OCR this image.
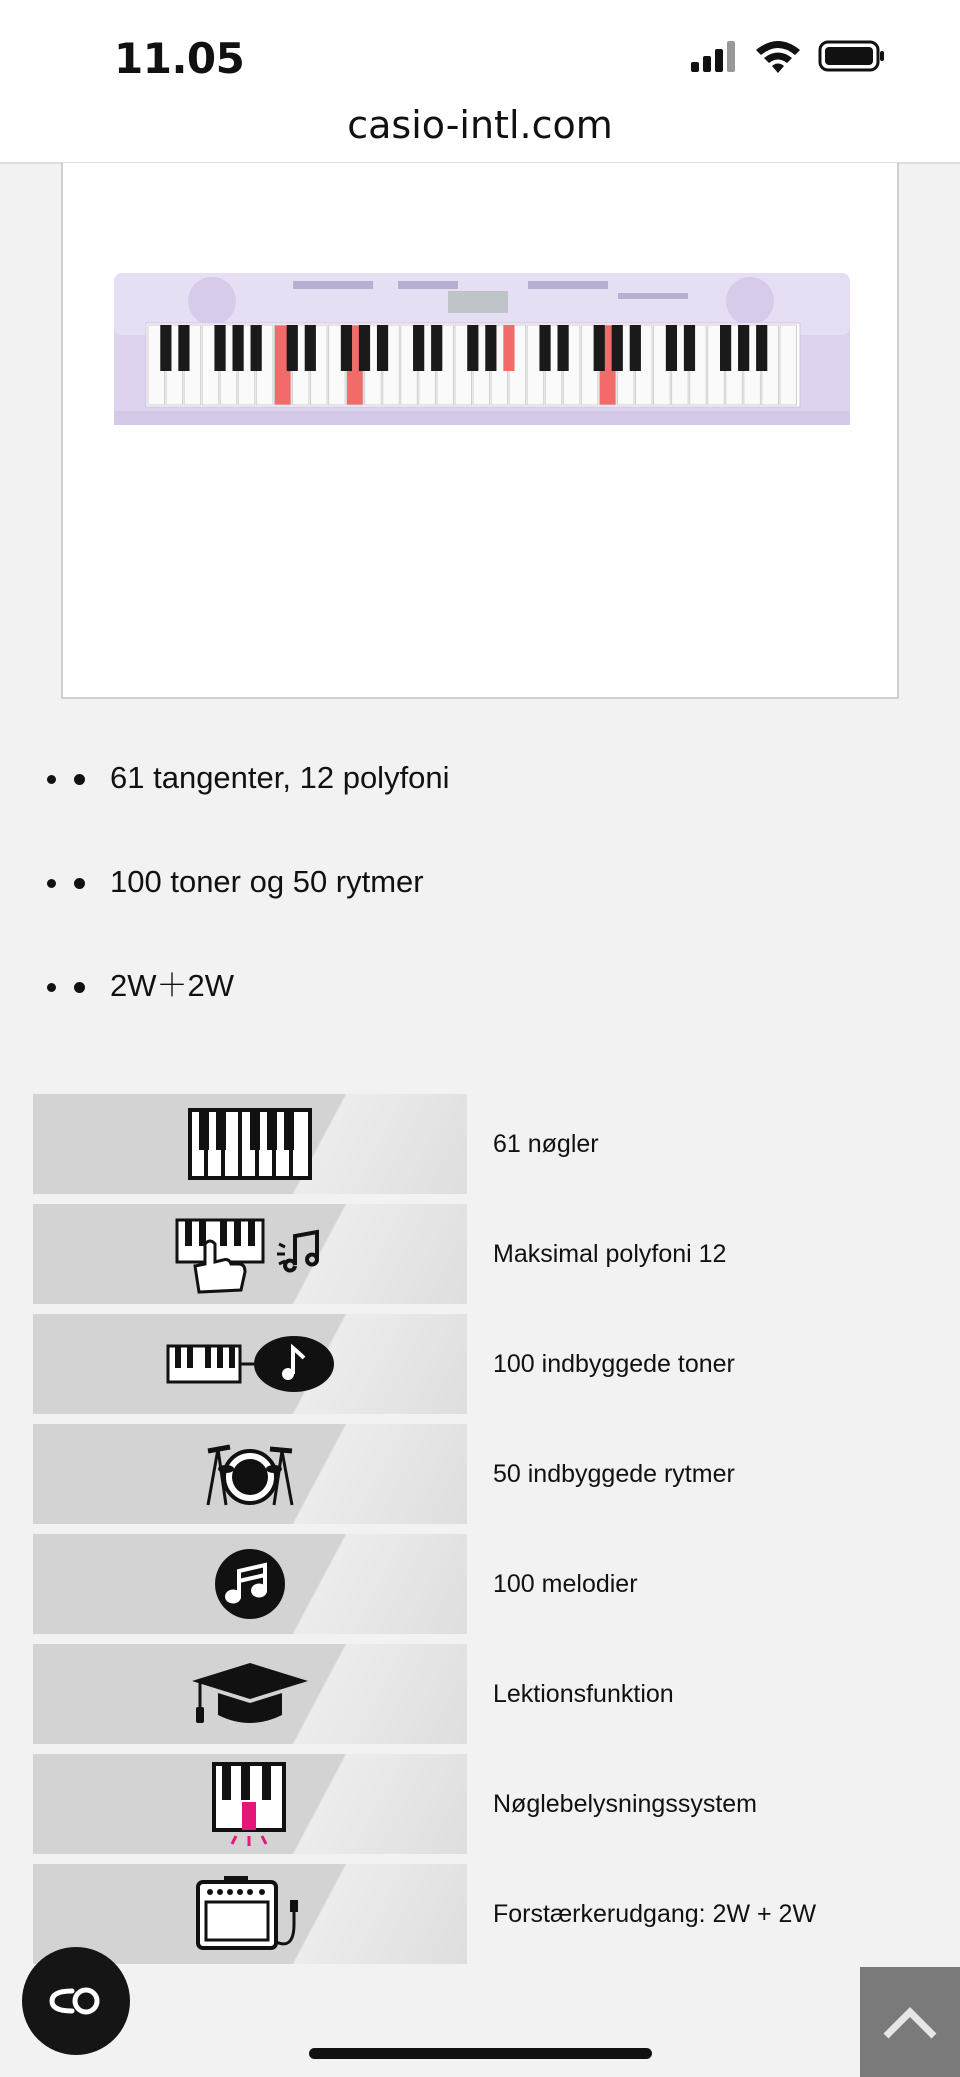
11.05
casio-intl.com
• 61 tangenter, 12 polyfoni
• 100 toner og 50 rytmer
• 2W＋2W
61 nøgler
Maksimal polyfoni 12
100 indbyggede toner
50 indbyggede rytmer
100 melodier
Lektionsfunktion
Nøglebelysningssystem
Forstærkerudgang: 2W + 2W
